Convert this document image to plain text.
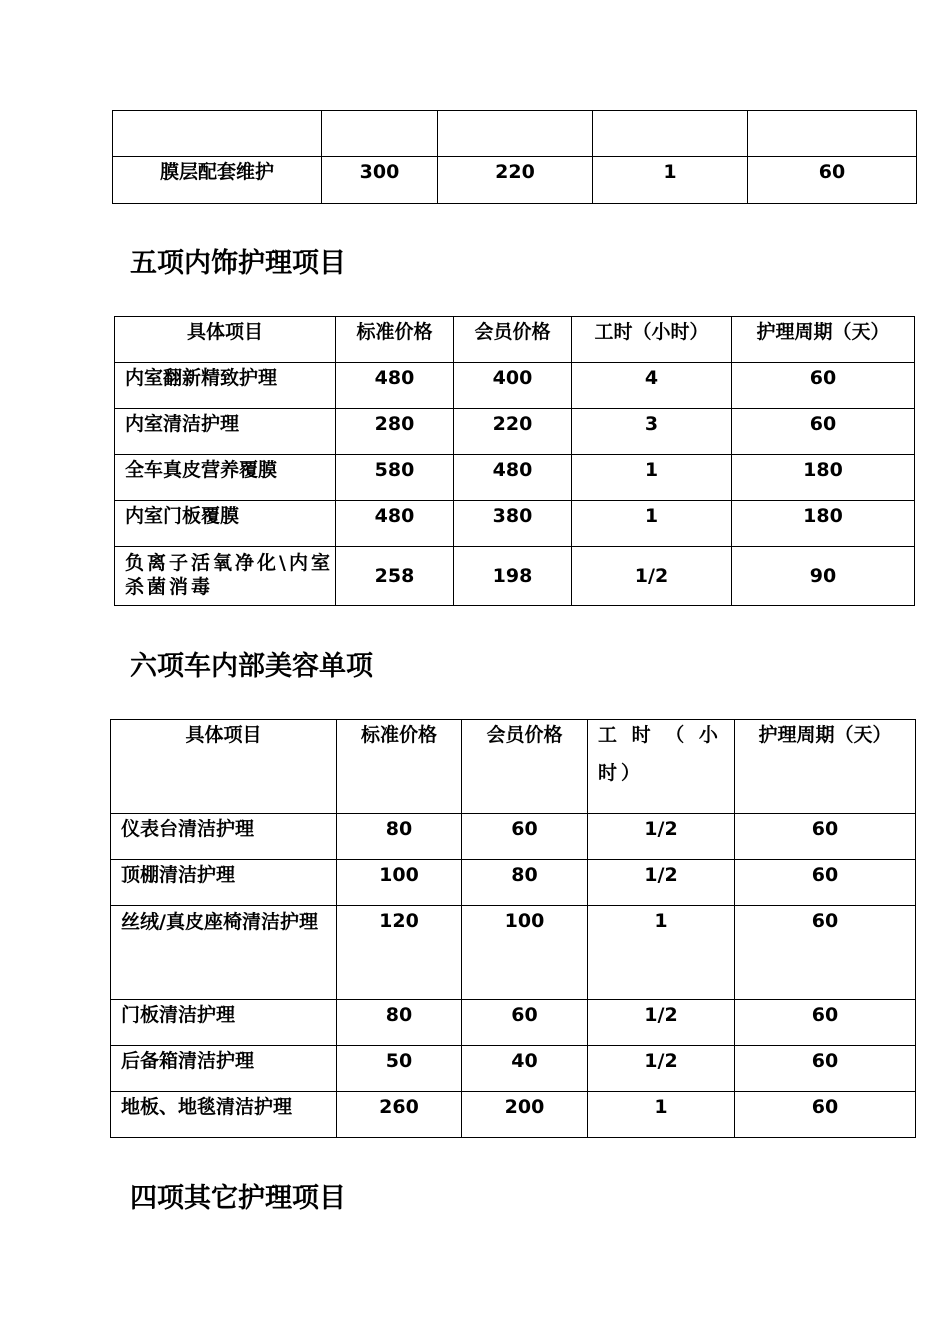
膜层配套维护	300	220	1	60
五项内饰护理项目
具体项目	标准价格	会员价格	工时（小时）	护理周期（天）

内室翻新精致护理	480	400	4	60

内室清洁护理	280	220	3	60

全车真皮营养覆膜	580	480	1	180

内室门板覆膜	480	380	1	180

负离子活氧净化\内室杀菌消毒	258	198	1/2	90
六项车内部美容单项
具体项目	标准价格	会员价格	工 时 （ 小时）	护理周期（天）

仪表台清洁护理	80	60	1/2	60

顶棚清洁护理	100	80	1/2	60

丝绒/真皮座椅清洁护理	120	100	1	60

门板清洁护理	80	60	1/2	60

后备箱清洁护理	50	40	1/2	60

地板、地毯清洁护理	260	200	1	60
四项其它护理项目
